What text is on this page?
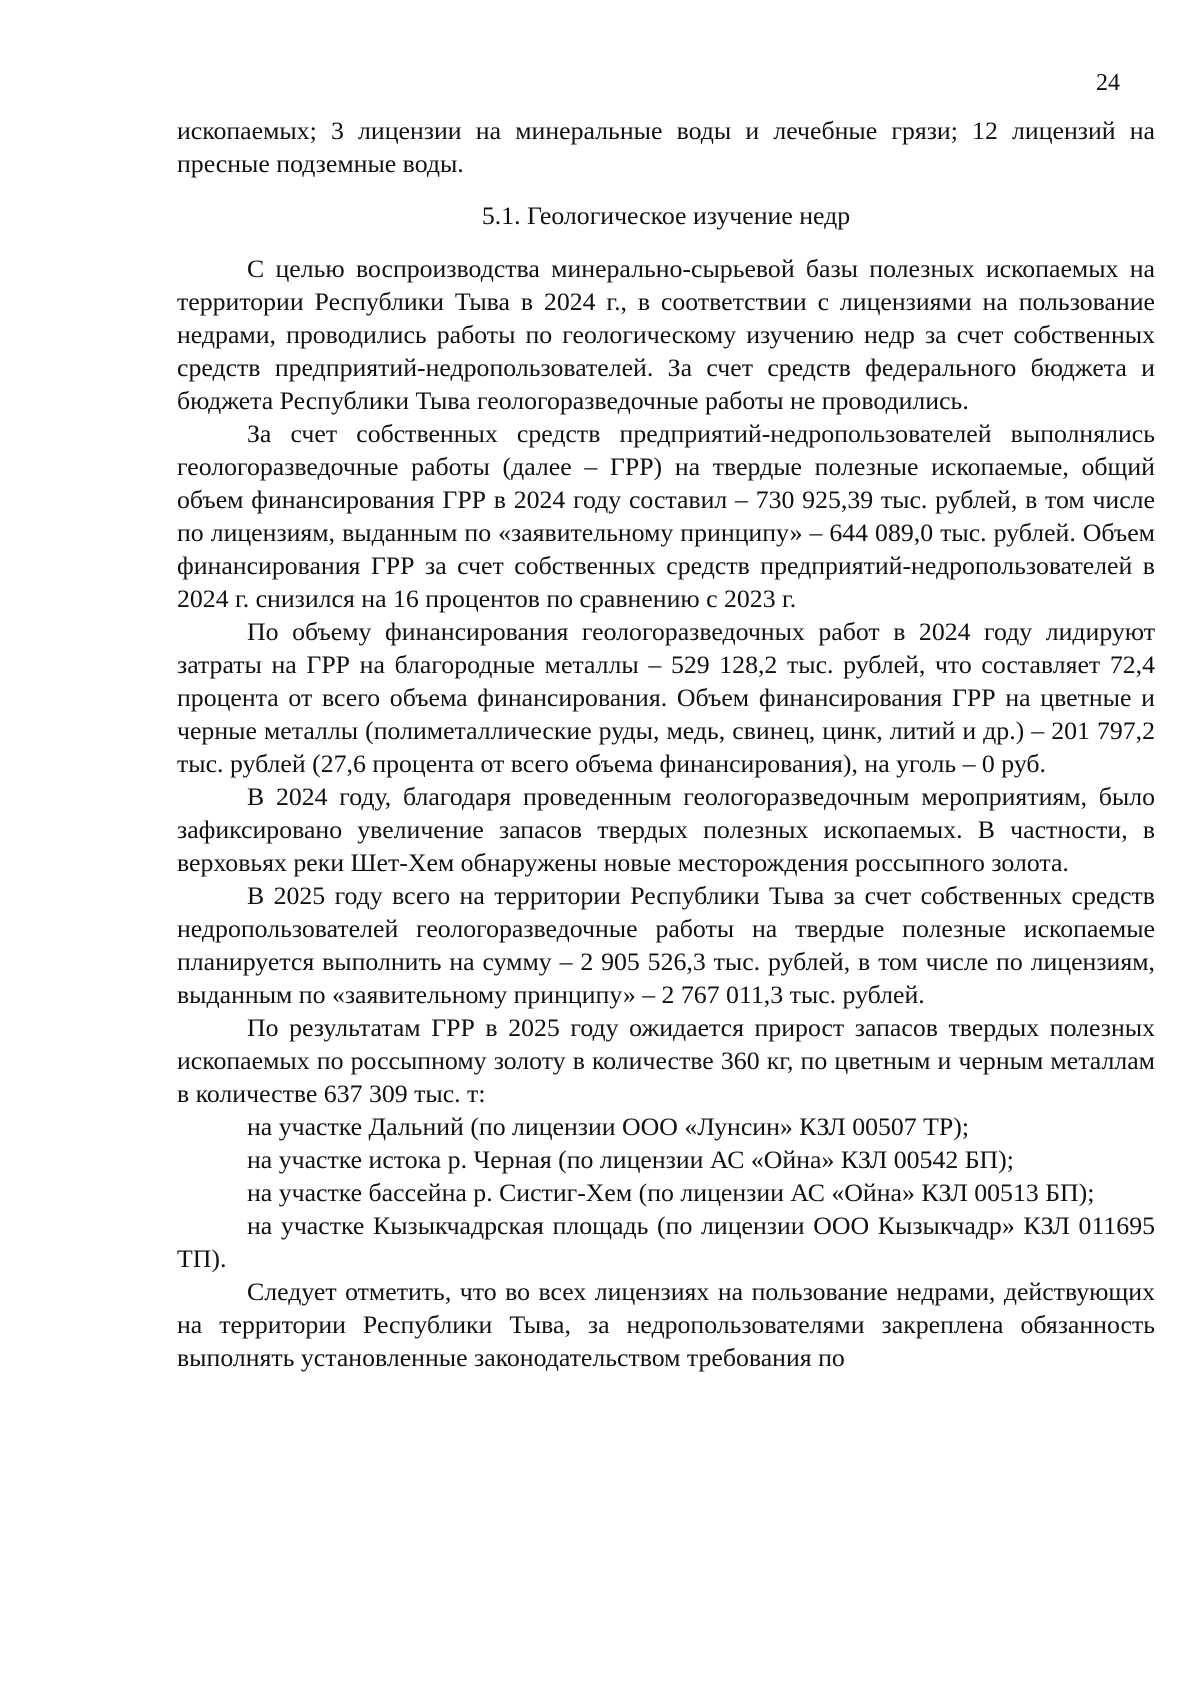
24

ископаемых; 3 лицензии на минеральные воды и лечебные грязи; 12 лицензий на пресные подземные воды.

5.1. Геологическое изучение недр

С целью воспроизводства минерально-сырьевой базы полезных ископаемых на территории Республики Тыва в 2024 г., в соответствии с лицензиями на пользование недрами, проводились работы по геологическому изучению недр за счет собственных средств предприятий-недропользователей. За счет средств федерального бюджета и бюджета Республики Тыва геологоразведочные работы не проводились.

За счет собственных средств предприятий-недропользователей выполнялись геологоразведочные работы (далее – ГРР) на твердые полезные ископаемые, общий объем финансирования ГРР в 2024 году составил – 730 925,39 тыс. рублей, в том числе по лицензиям, выданным по «заявительному принципу» – 644 089,0 тыс. рублей. Объем финансирования ГРР за счет собственных средств предприятий-недропользователей в 2024 г. снизился на 16 процентов по сравнению с 2023 г.

По объему финансирования геологоразведочных работ в 2024 году лидируют затраты на ГРР на благородные металлы – 529 128,2 тыс. рублей, что составляет 72,4 процента от всего объема финансирования. Объем финансирования ГРР на цветные и черные металлы (полиметаллические руды, медь, свинец, цинк, литий и др.) – 201 797,2 тыс. рублей (27,6 процента от всего объема финансирования), на уголь – 0 руб.

В 2024 году, благодаря проведенным геологоразведочным мероприятиям, было зафиксировано увеличение запасов твердых полезных ископаемых. В частности, в верховьях реки Шет-Хем обнаружены новые месторождения россыпного золота.

В 2025 году всего на территории Республики Тыва за счет собственных средств недропользователей геологоразведочные работы на твердые полезные ископаемые планируется выполнить на сумму – 2 905 526,3 тыс. рублей, в том числе по лицензиям, выданным по «заявительному принципу» – 2 767 011,3 тыс. рублей.

По результатам ГРР в 2025 году ожидается прирост запасов твердых полезных ископаемых по россыпному золоту в количестве 360 кг, по цветным и черным металлам в количестве 637 309 тыс. т:

на участке Дальний (по лицензии ООО «Лунсин» КЗЛ 00507 ТР);

на участке истока р. Черная (по лицензии АС «Ойна» КЗЛ 00542 БП);

на участке бассейна р. Систиг-Хем (по лицензии АС «Ойна» КЗЛ 00513 БП);

на участке Кызыкчадрская площадь (по лицензии ООО Кызыкчадр» КЗЛ 011695 ТП).

Следует отметить, что во всех лицензиях на пользование недрами, действующих на территории Республики Тыва, за недропользователями закреплена обязанность выполнять установленные законодательством требования по
